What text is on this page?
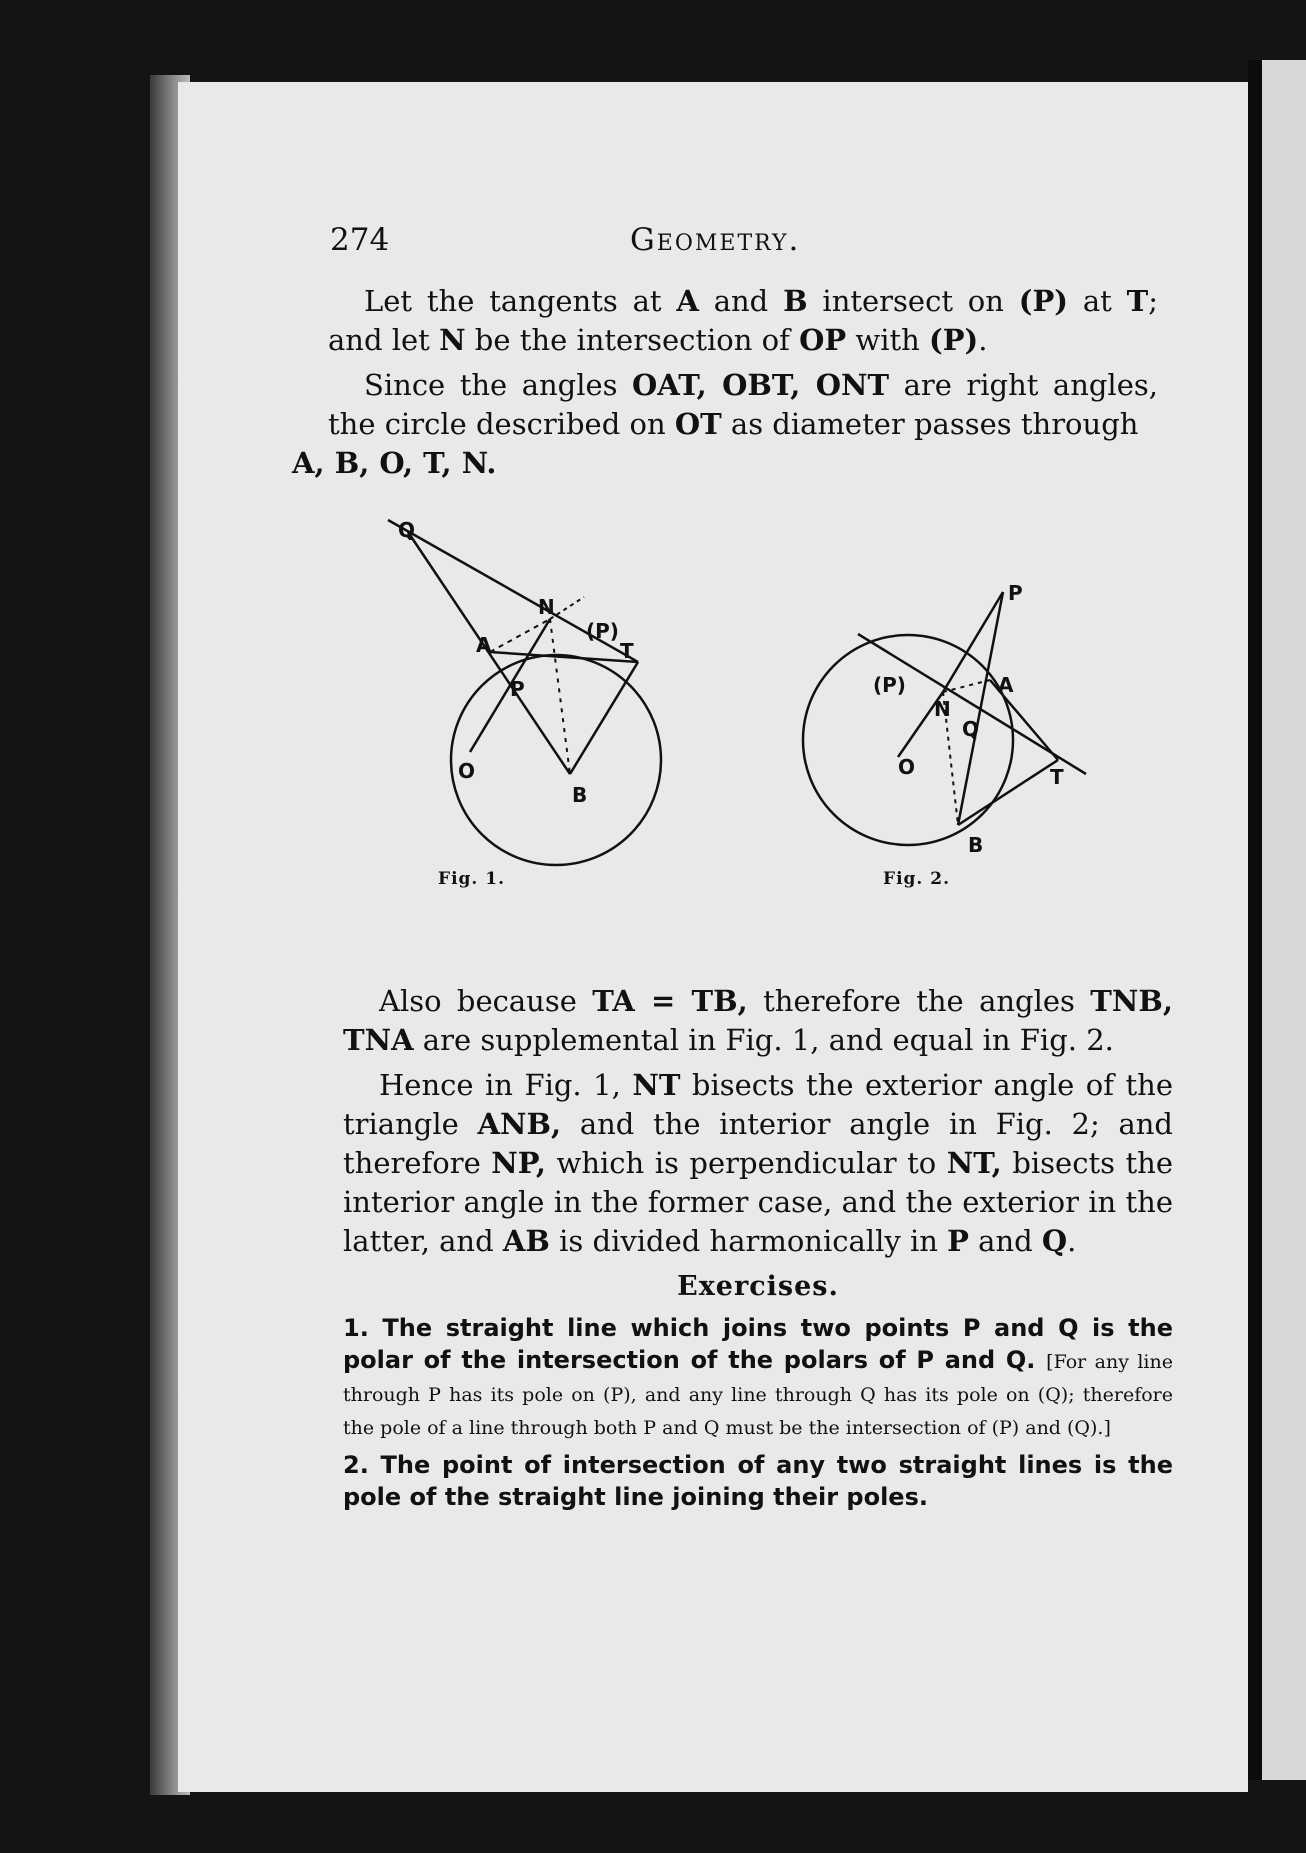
274	Geometry.

Let the tangents at A and B intersect on (P) at T; and let N be the intersection of OP with (P).

Since the angles OAT, OBT, ONT are right angles, the circle described on OT as diameter passes through
A, B, O, T, N.

Q
N
(P)
A	T
P
O
B
Fig. 1.
P
(P)	A
N
Q
O	T
B
Fig. 2.

Also because TA = TB, therefore the angles TNB, TNA are supplemental in Fig. 1, and equal in Fig. 2.

Hence in Fig. 1, NT bisects the exterior angle of the triangle ANB, and the interior angle in Fig. 2; and therefore NP, which is perpendicular to NT, bisects the interior angle in the former case, and the exterior in the latter, and AB is divided harmonically in P and Q.

Exercises.

1. The straight line which joins two points P and Q is the polar of the intersection of the polars of P and Q. [For any line through P has its pole on (P), and any line through Q has its pole on (Q); therefore the pole of a line through both P and Q must be the intersection of (P) and (Q).]

2. The point of intersection of any two straight lines is the pole of the straight line joining their poles.
